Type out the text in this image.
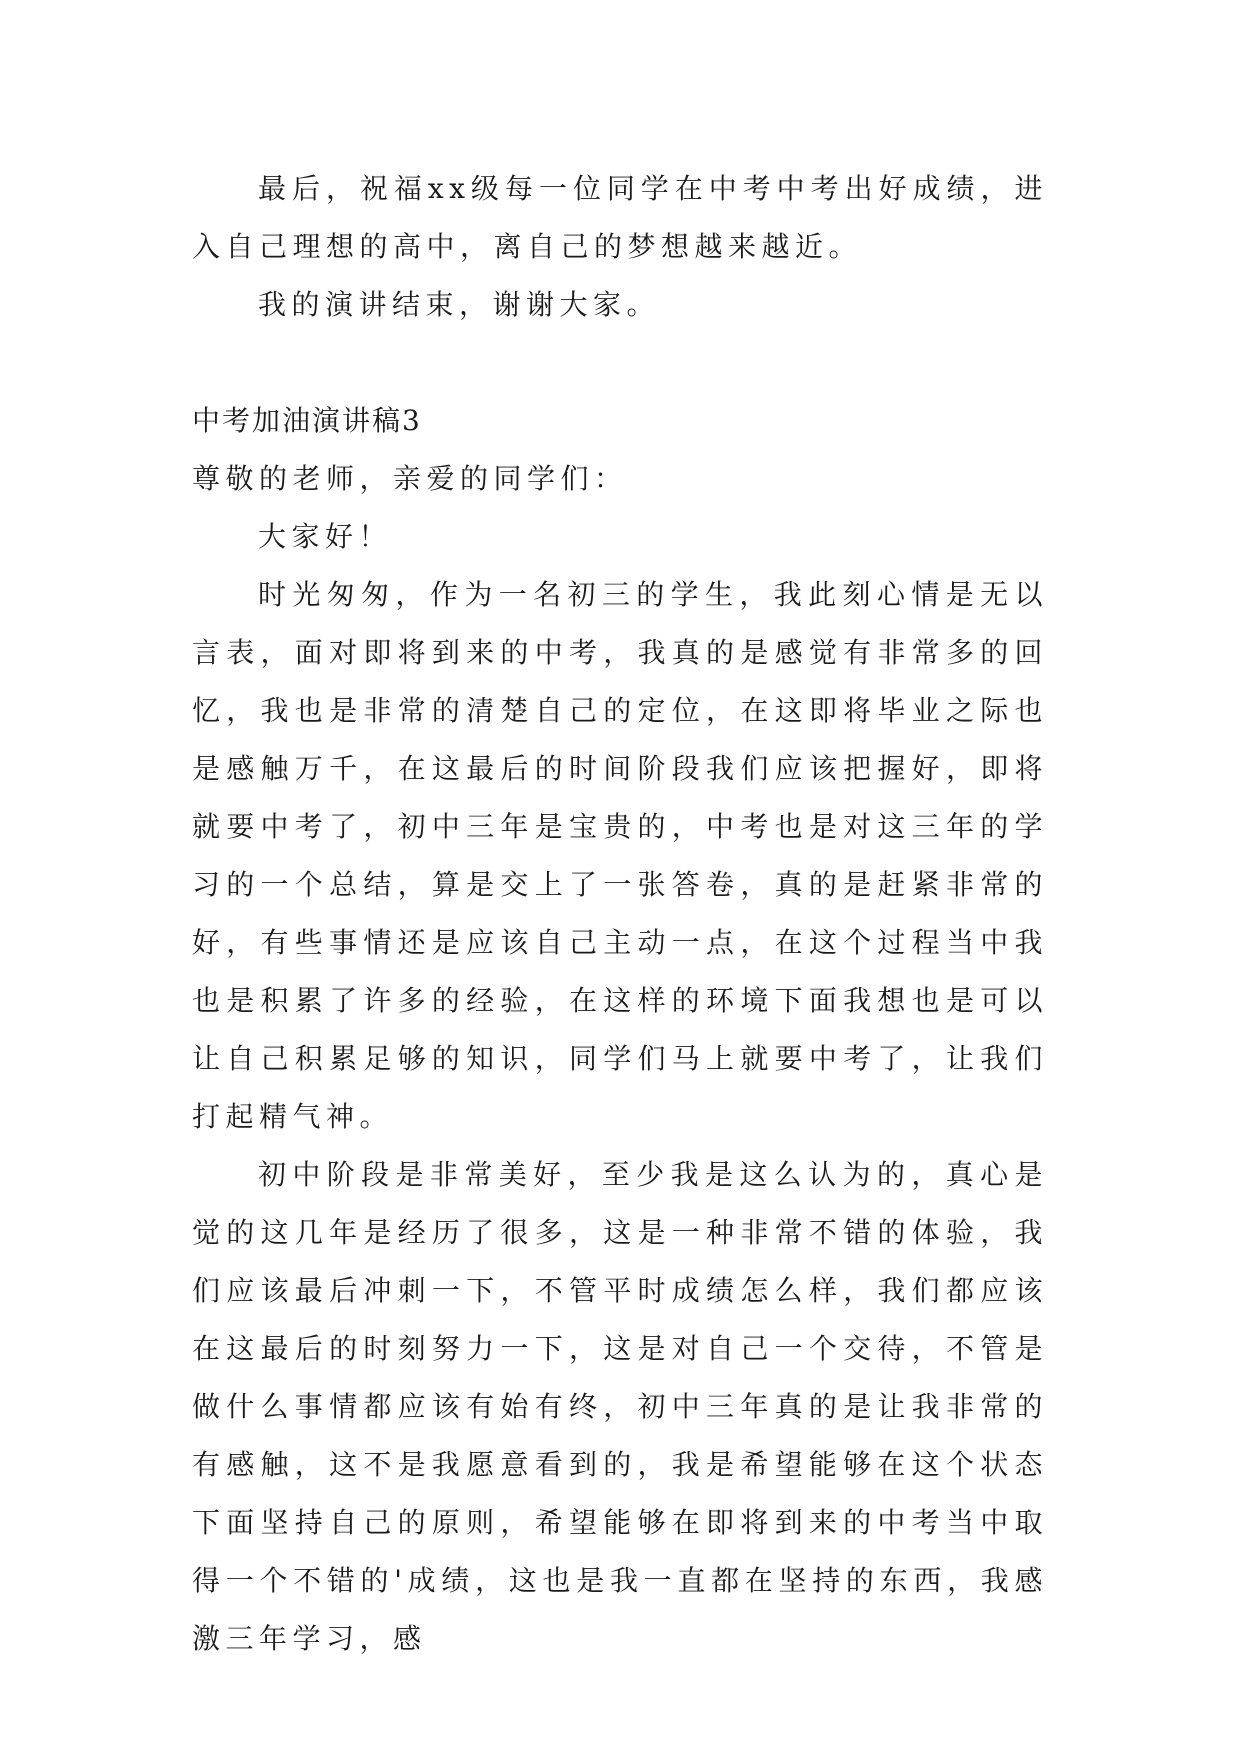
最后，祝福xx级每一位同学在中考中考出好成绩，进入自己理想的高中，离自己的梦想越来越近。

我的演讲结束，谢谢大家。

中考加油演讲稿3

尊敬的老师，亲爱的同学们：

大家好！

时光匆匆，作为一名初三的学生，我此刻心情是无以言表，面对即将到来的中考，我真的是感觉有非常多的回忆，我也是非常的清楚自己的定位，在这即将毕业之际也是感触万千，在这最后的时间阶段我们应该把握好，即将就要中考了，初中三年是宝贵的，中考也是对这三年的学习的一个总结，算是交上了一张答卷，真的是赶紧非常的好，有些事情还是应该自己主动一点，在这个过程当中我也是积累了许多的经验，在这样的环境下面我想也是可以让自己积累足够的知识，同学们马上就要中考了，让我们打起精气神。

初中阶段是非常美好，至少我是这么认为的，真心是觉的这几年是经历了很多，这是一种非常不错的体验，我们应该最后冲刺一下，不管平时成绩怎么样，我们都应该在这最后的时刻努力一下，这是对自己一个交待，不管是做什么事情都应该有始有终，初中三年真的是让我非常的有感触，这不是我愿意看到的，我是希望能够在这个状态下面坚持自己的原则，希望能够在即将到来的中考当中取得一个不错的'成绩，这也是我一直都在坚持的东西，我感激三年学习，感
